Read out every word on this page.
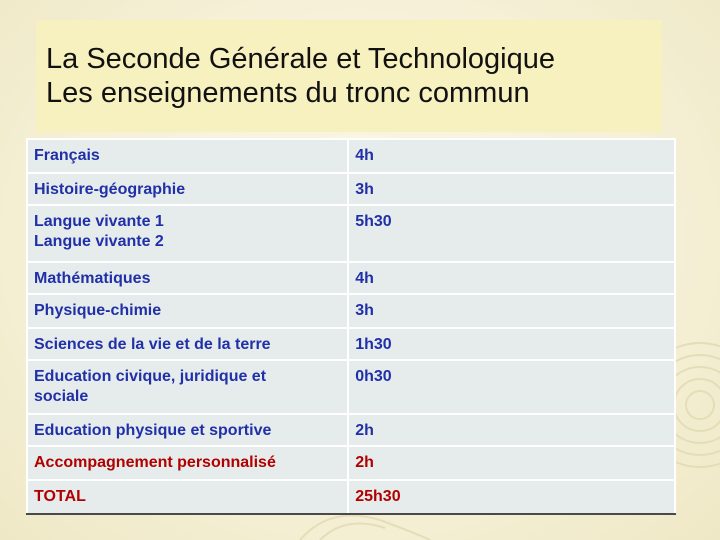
La Seconde Générale et Technologique
Les enseignements du tronc commun
Français	4h

Histoire-géographie	3h

Langue vivante 1
Langue vivante 2	5h30

Mathématiques	4h

Physique-chimie	3h

Sciences de la vie et de la terre	1h30

Education civique, juridique et
sociale	0h30

Education physique et sportive	2h

Accompagnement personnalisé	2h

TOTAL	25h30
